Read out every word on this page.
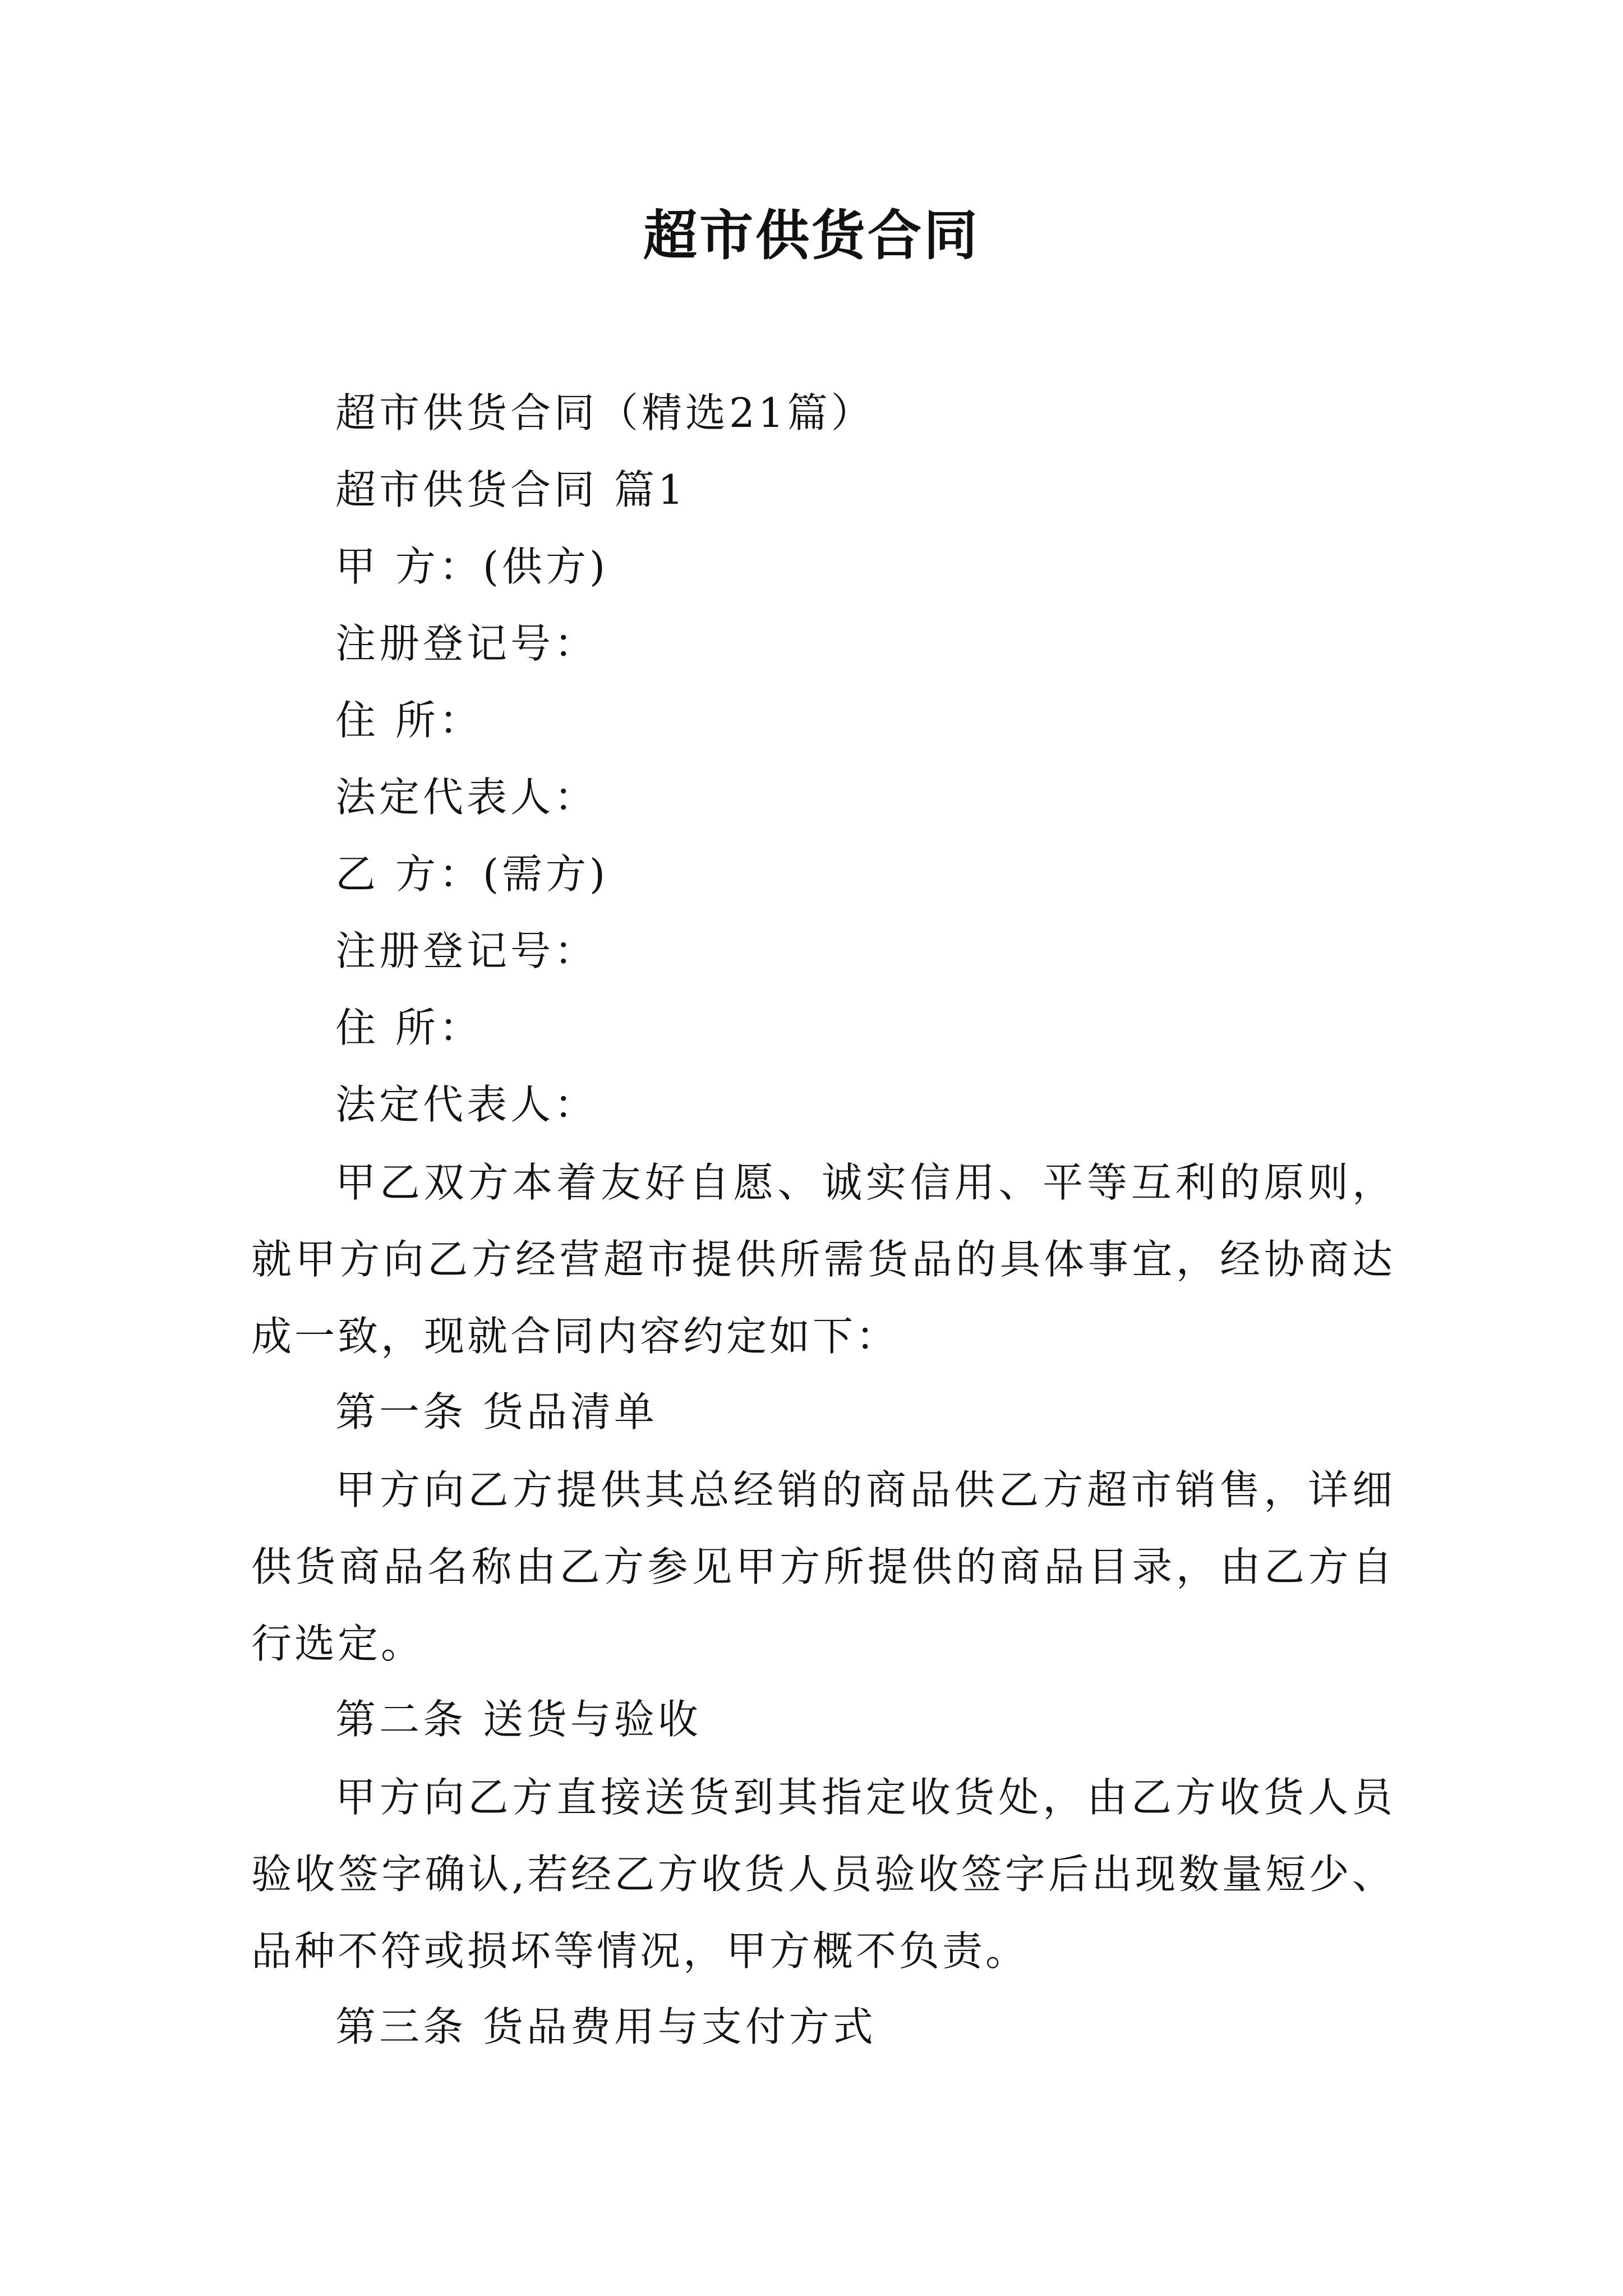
超市供货合同
超市供货合同（精选21篇）
超市供货合同 篇1
甲 方：(供方)
注册登记号：
住 所：
法定代表人：
乙 方：(需方)
注册登记号：
住 所：
法定代表人：
甲乙双方本着友好自愿、诚实信用、平等互利的原则，就甲方向乙方经营超市提供所需货品的具体事宜，经协商达成一致，现就合同内容约定如下：
第一条 货品清单
甲方向乙方提供其总经销的商品供乙方超市销售，详细供货商品名称由乙方参见甲方所提供的商品目录，由乙方自行选定。
第二条 送货与验收
甲方向乙方直接送货到其指定收货处，由乙方收货人员验收签字确认,若经乙方收货人员验收签字后出现数量短少、品种不符或损坏等情况，甲方概不负责。
第三条 货品费用与支付方式
